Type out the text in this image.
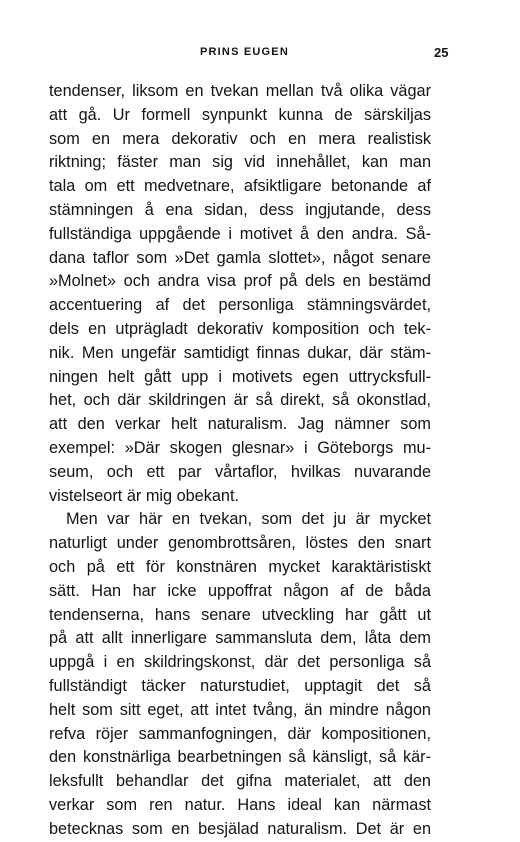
PRINS EUGEN	25
tendenser, liksom en tvekan mellan två olika vägar
att gå. Ur formell synpunkt kunna de särskiljas
som en mera dekorativ och en mera realistisk
riktning; fäster man sig vid innehållet, kan man
tala om ett medvetnare, afsiktligare betonande af
stämningen å ena sidan, dess ingjutande, dess
fullständiga uppgående i motivet å den andra. Så-
dana taflor som »Det gamla slottet», något senare
»Molnet» och andra visa prof på dels en bestämd
accentuering af det personliga stämningsvärdet,
dels en utprägladt dekorativ komposition och tek-
nik. Men ungefär samtidigt finnas dukar, där stäm-
ningen helt gått upp i motivets egen uttrycksfull-
het, och där skildringen är så direkt, så okonstlad,
att den verkar helt naturalism. Jag nämner som
exempel: »Där skogen glesnar» i Göteborgs mu-
seum, och ett par vårtaflor, hvilkas nuvarande
vistelseort är mig obekant.
Men var här en tvekan, som det ju är mycket
naturligt under genombrottsåren, löstes den snart
och på ett för konstnären mycket karaktäristiskt
sätt. Han har icke uppoffrat någon af de båda
tendenserna, hans senare utveckling har gått ut
på att allt innerligare sammansluta dem, låta dem
uppgå i en skildringskonst, där det personliga så
fullständigt täcker naturstudiet, upptagit det så
helt som sitt eget, att intet tvång, än mindre någon
refva röjer sammanfogningen, där kompositionen,
den konstnärliga bearbetningen så känsligt, så kär-
leksfullt behandlar det gifna materialet, att den
verkar som ren natur. Hans ideal kan närmast
betecknas som en besjälad naturalism. Det är en
